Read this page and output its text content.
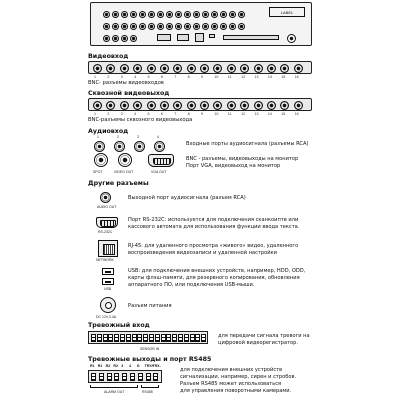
LABEL
Видеовход
1	2	3	4	5	6	7	8	9	10	11	12	13	14	15	16
BNC- разъемы видеовходов
Сквозной видеовыход
1	2	3	4	5	6	7	8	9	10	11	12	13	14	15	16
BNC-разъемы сквозного видеовыхода
Аудиовход
1	2	3	4
Входные порты аудиосигнала (разъемы RCA)
SPOT	VIDEO OUT	VGA OUT
BNC - разъемы, видеовыходы на монитор
Порт VGA, видеовыход на монитор
Другие разъемы
AUDIO OUT
Выходной порт аудиосигнала (разъем RCA)
RS-232C
Порт RS-232C: используется для подключения сканкоиптв или
кассового автомата для использования функции ввода текста.
NETWORK
RJ-45: для удаленного просмотра «живого» видео, удаленного
воспроизведения видеозаписи и удаленной настройки
USB
USB: для подключения внешних устройств, например, HDD, ODD,
карты флэш-памяти, для резервного копирования, обновления
аппаратного ПО, или подключения USB-мыши.
DC 12V,3.4A
Разъем питания
Тревожный вход
SENSOR IN
для передачи сигнала тревоги на
цифровой видеорегистратор.
Тревожные выходы и порт RS485
R1 R1 R2 R2 3 4 G TRX+
TRX-
ALARM OUT	RS485
для подключения внешних устройств
сигнализации, например, сирен и стробов.
Разъем RS485 может использоваться
для управления поворотными камерами.
